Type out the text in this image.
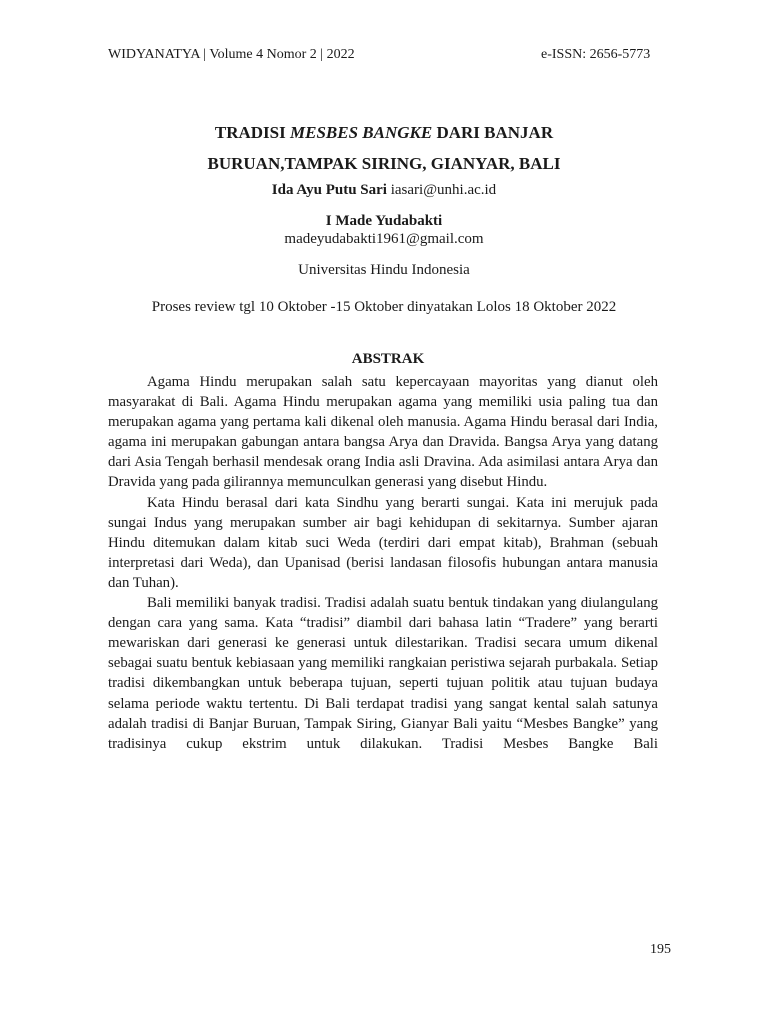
WIDYANATYA | Volume 4 Nomor 2 | 2022	e-ISSN: 2656-5773
TRADISI MESBES BANGKE DARI BANJAR
BURUAN,TAMPAK SIRING, GIANYAR, BALI
Ida Ayu Putu Sari iasari@unhi.ac.id
I Made Yudabakti
madeyudabakti1961@gmail.com
Universitas Hindu Indonesia
Proses review tgl 10 Oktober -15 Oktober dinyatakan Lolos 18 Oktober 2022
ABSTRAK

Agama Hindu merupakan salah satu kepercayaan mayoritas yang dianut oleh masyarakat di Bali. Agama Hindu merupakan agama yang memiliki usia paling tua dan merupakan agama yang pertama kali dikenal oleh manusia. Agama Hindu berasal dari India, agama ini merupakan gabungan antara bangsa Arya dan Dravida. Bangsa Arya yang datang dari Asia Tengah berhasil mendesak orang India asli Dravina. Ada asimilasi antara Arya dan Dravida yang pada gilirannya memunculkan generasi yang disebut Hindu.

Kata Hindu berasal dari kata Sindhu yang berarti sungai. Kata ini merujuk pada sungai Indus yang merupakan sumber air bagi kehidupan di sekitarnya. Sumber ajaran Hindu ditemukan dalam kitab suci Weda (terdiri dari empat kitab), Brahman (sebuah interpretasi dari Weda), dan Upanisad (berisi landasan filosofis hubungan antara manusia dan Tuhan).

Bali memiliki banyak tradisi. Tradisi adalah suatu bentuk tindakan yang diulangulang dengan cara yang sama. Kata “tradisi” diambil dari bahasa latin “Tradere” yang berarti mewariskan dari generasi ke generasi untuk dilestarikan. Tradisi secara umum dikenal sebagai suatu bentuk kebiasaan yang memiliki rangkaian peristiwa sejarah purbakala. Setiap tradisi dikembangkan untuk beberapa tujuan, seperti tujuan politik atau tujuan budaya selama periode waktu tertentu. Di Bali terdapat tradisi yang sangat kental salah satunya adalah tradisi di Banjar Buruan, Tampak Siring, Gianyar Bali yaitu “Mesbes Bangke” yang tradisinya cukup ekstrim untuk dilakukan. Tradisi Mesbes Bangke Bali

195
